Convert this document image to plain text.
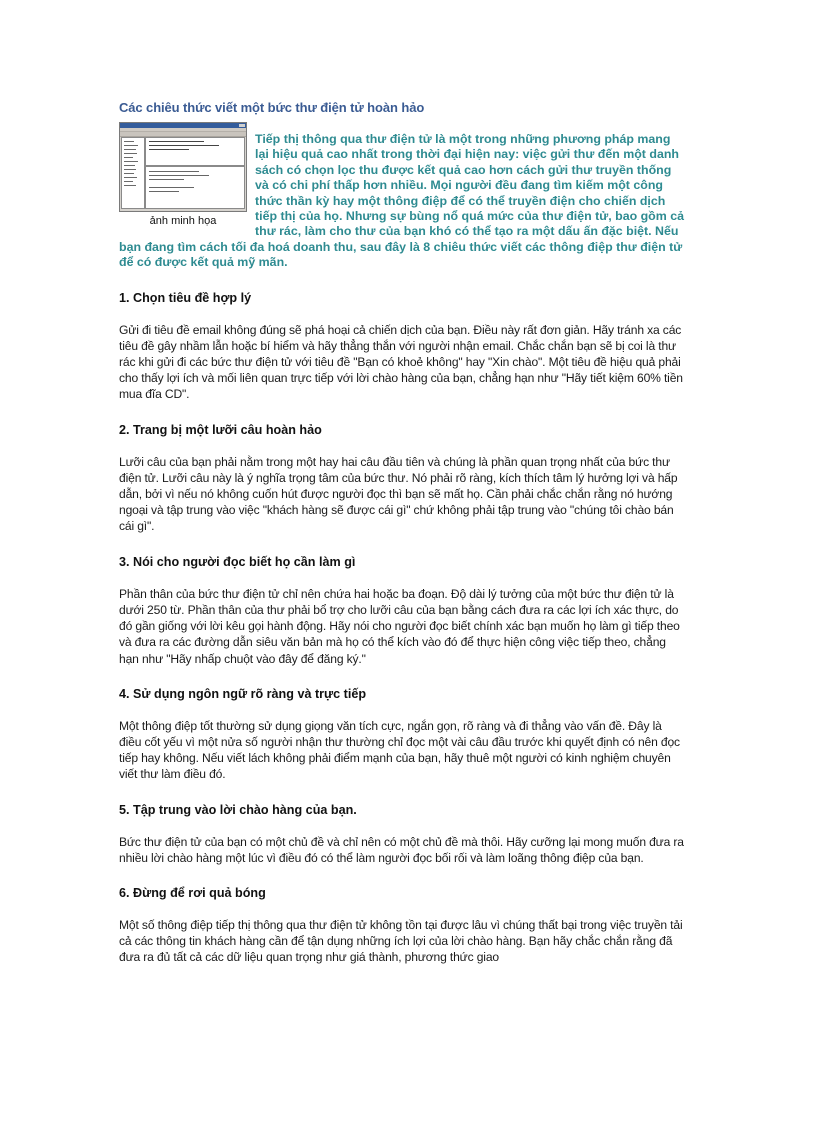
Các chiêu thức viết một bức thư điện tử hoàn hảo
ảnh minh họa

Tiếp thị thông qua thư điện tử là một trong những phương pháp mang lại hiệu quả cao nhất trong thời đại hiện nay: việc gửi thư đến một danh sách có chọn lọc thu được kết quả cao hơn cách gửi thư truyền thống và có chi phí thấp hơn nhiều. Mọi người đều đang tìm kiếm một công thức thần kỳ hay một thông điệp để có thể truyền điện cho chiến dịch tiếp thị của họ. Nhưng sự bùng nổ quá mức của thư điện tử, bao gồm cả thư rác, làm cho thư của bạn khó có thể tạo ra một dấu ấn đặc biệt. Nếu bạn đang tìm cách tối đa hoá doanh thu, sau đây là 8 chiêu thức viết các thông điệp thư điện tử để có được kết quả mỹ mãn.

1. Chọn tiêu đề hợp lý

Gửi đi tiêu đề email không đúng sẽ phá hoại cả chiến dịch của bạn. Điều này rất đơn giản. Hãy tránh xa các tiêu đề gây nhầm lẫn hoặc bí hiểm và hãy thẳng thắn với người nhận email. Chắc chắn bạn sẽ bị coi là thư rác khi gửi đi các bức thư điện tử với tiêu đề "Bạn có khoẻ không" hay "Xin chào". Một tiêu đề hiệu quả phải cho thấy lợi ích và mối liên quan trực tiếp với lời chào hàng của bạn, chẳng hạn như "Hãy tiết kiệm 60% tiền mua đĩa CD".

2. Trang bị một lưỡi câu hoàn hảo

Lưỡi câu của bạn phải nằm trong một hay hai câu đầu tiên và chúng là phần quan trọng nhất của bức thư điện tử. Lưỡi câu này là ý nghĩa trọng tâm của bức thư. Nó phải rõ ràng, kích thích tâm lý hưởng lợi và hấp dẫn, bởi vì nếu nó không cuốn hút được người đọc thì bạn sẽ mất họ. Cần phải chắc chắn rằng nó hướng ngoại và tập trung vào việc "khách hàng sẽ được cái gì" chứ không phải tập trung vào "chúng tôi chào bán cái gì".

3. Nói cho người đọc biết họ cần làm gì

Phần thân của bức thư điện tử chỉ nên chứa hai hoặc ba đoạn. Độ dài lý tưởng của một bức thư điện tử là dưới 250 từ. Phần thân của thư phải bổ trợ cho lưỡi câu của bạn bằng cách đưa ra các lợi ích xác thực, do đó gần giống với lời kêu gọi hành động. Hãy nói cho người đọc biết chính xác bạn muốn họ làm gì tiếp theo và đưa ra các đường dẫn siêu văn bản mà họ có thể kích vào đó để thực hiện công việc tiếp theo, chẳng hạn như "Hãy nhấp chuột vào đây để đăng ký."

4. Sử dụng ngôn ngữ rõ ràng và trực tiếp

Một thông điệp tốt thường sử dụng giọng văn tích cực, ngắn gọn, rõ ràng và đi thẳng vào vấn đề. Đây là điều cốt yếu vì một nửa số người nhận thư thường chỉ đọc một vài câu đầu trước khi quyết định có nên đọc tiếp hay không. Nếu viết lách không phải điểm mạnh của bạn, hãy thuê một người có kinh nghiệm chuyên viết thư làm điều đó.

5. Tập trung vào lời chào hàng của bạn.

Bức thư điện tử của bạn có một chủ đề và chỉ nên có một chủ đề mà thôi. Hãy cưỡng lại mong muốn đưa ra nhiều lời chào hàng một lúc vì điều đó có thể làm người đọc bối rối và làm loãng thông điệp của bạn.

6. Đừng để rơi quả bóng

Một số thông điệp tiếp thị thông qua thư điện tử không tồn tại được lâu vì chúng thất bại trong việc truyền tải cả các thông tin khách hàng cần để tận dụng những ích lợi của lời chào hàng. Bạn hãy chắc chắn rằng đã đưa ra đủ tất cả các dữ liệu quan trọng như giá thành, phương thức giao
